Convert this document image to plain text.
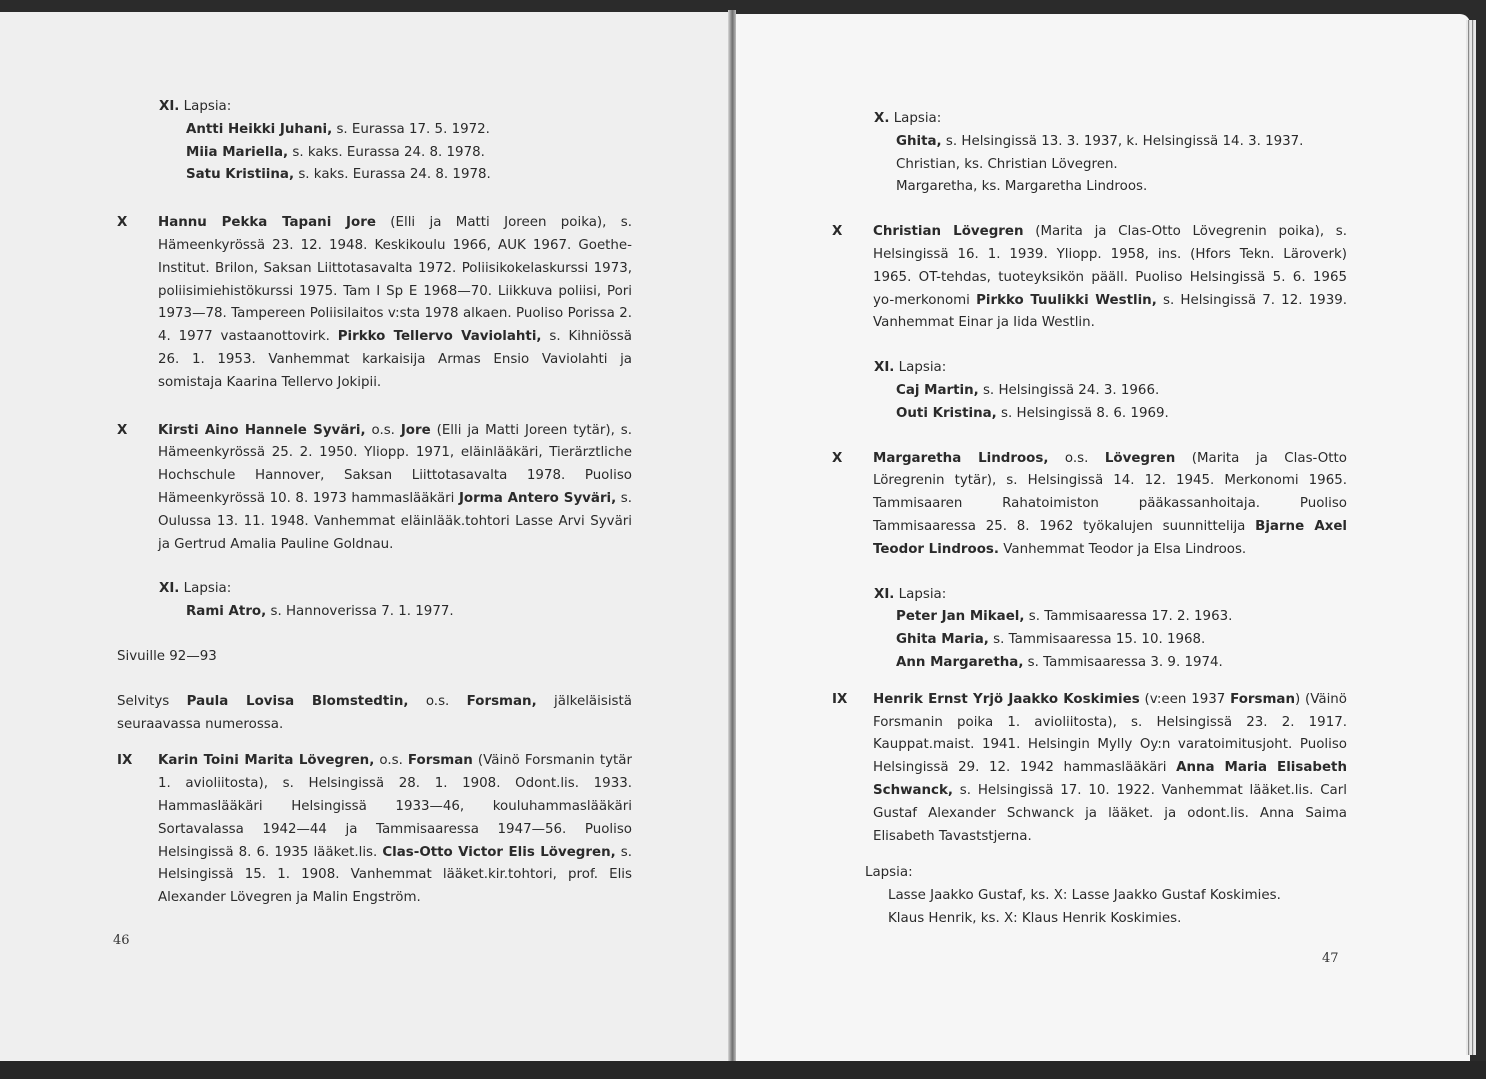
XI. Lapsia:
Antti Heikki Juhani, s. Eurassa 17. 5. 1972.
Miia Mariella, s. kaks. Eurassa 24. 8. 1978.
Satu Kristiina, s. kaks. Eurassa 24. 8. 1978.
X Hannu Pekka Tapani Jore (Elli ja Matti Joreen poika), s. Hämeenkyrössä 23. 12. 1948. Keskikoulu 1966, AUK 1967. Goethe-Institut. Brilon, Saksan Liittotasavalta 1972. Poliisikokelaskurssi 1973, poliisimiehistökurssi 1975. Tam I Sp E 1968—70. Liikkuva poliisi, Pori 1973—78. Tampereen Poliisilaitos v:sta 1978 alkaen. Puoliso Porissa 2. 4. 1977 vastaanottovirk. Pirkko Tellervo Vaviolahti, s. Kihniössä 26. 1. 1953. Vanhemmat karkaisija Armas Ensio Vaviolahti ja somistaja Kaarina Tellervo Jokipii.
X Kirsti Aino Hannele Syväri, o.s. Jore (Elli ja Matti Joreen tytär), s. Hämeenkyrössä 25. 2. 1950. Yliopp. 1971, eläinlääkäri, Tierärztliche Hochschule Hannover, Saksan Liittotasavalta 1978. Puoliso Hämeenkyrössä 10. 8. 1973 hammaslääkäri Jorma Antero Syväri, s. Oulussa 13. 11. 1948. Vanhemmat eläinlääk.tohtori Lasse Arvi Syväri ja Gertrud Amalia Pauline Goldnau.
XI. Lapsia:
Rami Atro, s. Hannoverissa 7. 1. 1977.
Sivuille 92—93
Selvitys Paula Lovisa Blomstedtin, o.s. Forsman, jälkeläisistä seuraavassa numerossa.
IX Karin Toini Marita Lövegren, o.s. Forsman (Väinö Forsmanin tytär 1. avioliitosta), s. Helsingissä 28. 1. 1908. Odont.lis. 1933. Hammaslääkäri Helsingissä 1933—46, kouluhammaslääkäri Sortavalassa 1942—44 ja Tammisaaressa 1947—56. Puoliso Helsingissä 8. 6. 1935 lääket.lis. Clas-Otto Victor Elis Lövegren, s. Helsingissä 15. 1. 1908. Vanhemmat lääket.kir.tohtori, prof. Elis Alexander Lövegren ja Malin Engström.
46
X. Lapsia:
Ghita, s. Helsingissä 13. 3. 1937, k. Helsingissä 14. 3. 1937.
Christian, ks. Christian Lövegren.
Margaretha, ks. Margaretha Lindroos.
X Christian Lövegren (Marita ja Clas-Otto Lövegrenin poika), s. Helsingissä 16. 1. 1939. Yliopp. 1958, ins. (Hfors Tekn. Läroverk) 1965. OT-tehdas, tuoteyksikön pääll. Puoliso Helsingissä 5. 6. 1965 yo-merkonomi Pirkko Tuulikki Westlin, s. Helsingissä 7. 12. 1939. Vanhemmat Einar ja Iida Westlin.
XI. Lapsia:
Caj Martin, s. Helsingissä 24. 3. 1966.
Outi Kristina, s. Helsingissä 8. 6. 1969.
X Margaretha Lindroos, o.s. Lövegren (Marita ja Clas-Otto Löregrenin tytär), s. Helsingissä 14. 12. 1945. Merkonomi 1965. Tammisaaren Rahatoimiston pääkassanhoitaja. Puoliso Tammisaaressa 25. 8. 1962 työkalujen suunnittelija Bjarne Axel Teodor Lindroos. Vanhemmat Teodor ja Elsa Lindroos.
XI. Lapsia:
Peter Jan Mikael, s. Tammisaaressa 17. 2. 1963.
Ghita Maria, s. Tammisaaressa 15. 10. 1968.
Ann Margaretha, s. Tammisaaressa 3. 9. 1974.
IX Henrik Ernst Yrjö Jaakko Koskimies (v:een 1937 Forsman) (Väinö Forsmanin poika 1. avioliitosta), s. Helsingissä 23. 2. 1917. Kauppat.maist. 1941. Helsingin Mylly Oy:n varatoimitusjoht. Puoliso Helsingissä 29. 12. 1942 hammaslääkäri Anna Maria Elisabeth Schwanck, s. Helsingissä 17. 10. 1922. Vanhemmat lääket.lis. Carl Gustaf Alexander Schwanck ja lääket. ja odont.lis. Anna Saima Elisabeth Tavaststjerna.
Lapsia:
Lasse Jaakko Gustaf, ks. X: Lasse Jaakko Gustaf Koskimies.
Klaus Henrik, ks. X: Klaus Henrik Koskimies.
47
